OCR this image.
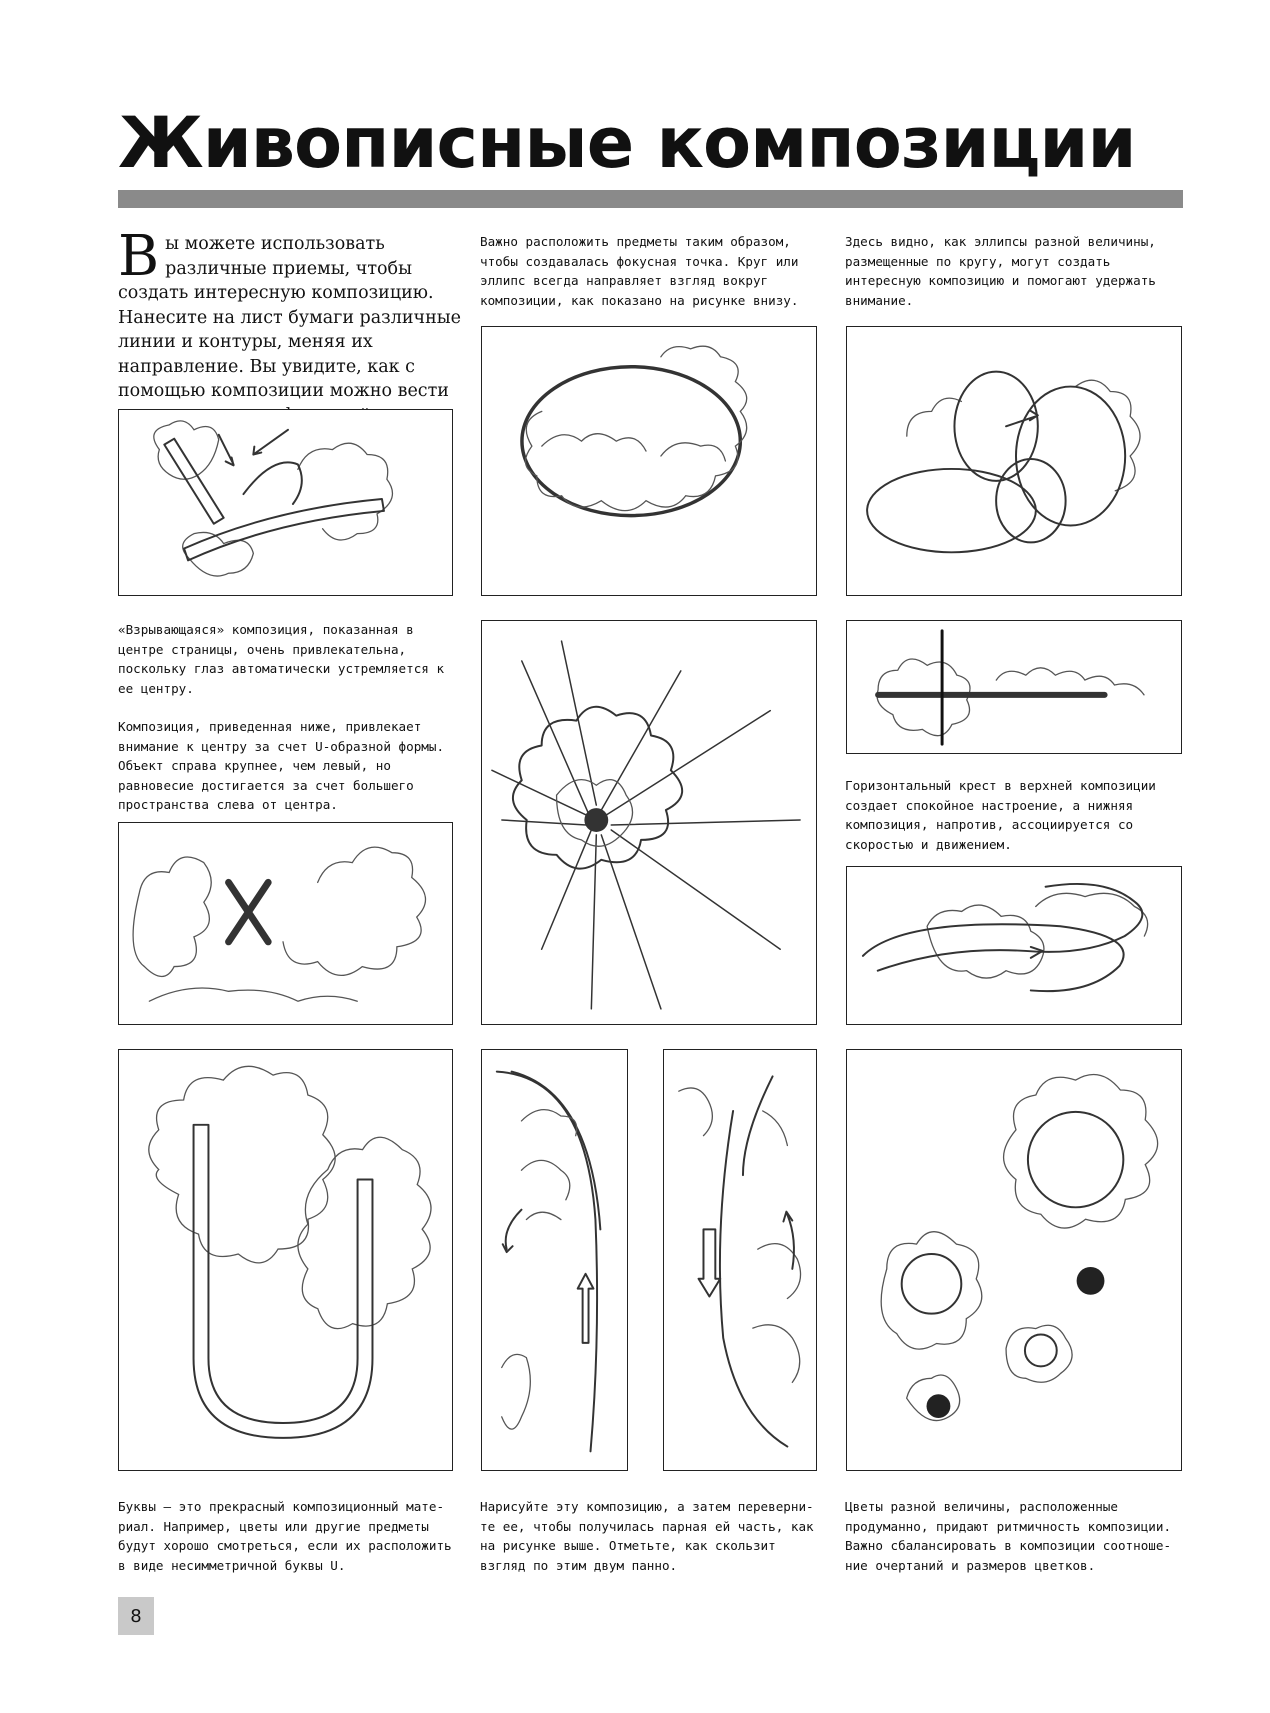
Живописные композиции
Вы можете использовать различные приемы, чтобы создать интересную композицию. Нанесите на лист бумаги различные линии и контуры, меняя их направление. Вы увидите, как с помощью композиции можно вести
Важно расположить предметы таким образом, чтобы создавалась фокусная точка. Круг или эллипс всегда направляет взгляд вокруг композиции, как показано на рисунке внизу.
Здесь видно, как эллипсы разной величины, размещенные по кругу, могут создать интересную композицию и помогают удержать внимание.

«Взрывающаяся» композиция, показанная в центре страницы, очень привлекательна, поскольку глаз автоматически устремляется к ее центру.

Композиция, приведенная ниже, привлекает внимание к центру за счет U-образной формы. Объект справа крупнее, чем левый, но равновесие достигается за счет большего пространства слева от центра.

Горизонтальный крест в верхней композиции создает спокойное настроение, а нижняя композиция, напротив, ассоциируется со скоростью и движением.
Буквы – это прекрасный композиционный материал. Например, цветы или другие предметы будут хорошо смотреться, если их расположить в виде несимметричной буквы U.
Нарисуйте эту композицию, а затем переверните ее, чтобы получилась парная ей часть, как на рисунке выше. Отметьте, как скользит взгляд по этим двум панно.
Цветы разной величины, расположенные продуманно, придают ритмичность композиции. Важно сбалансировать в композиции соотношение очертаний и размеров цветков.
8
